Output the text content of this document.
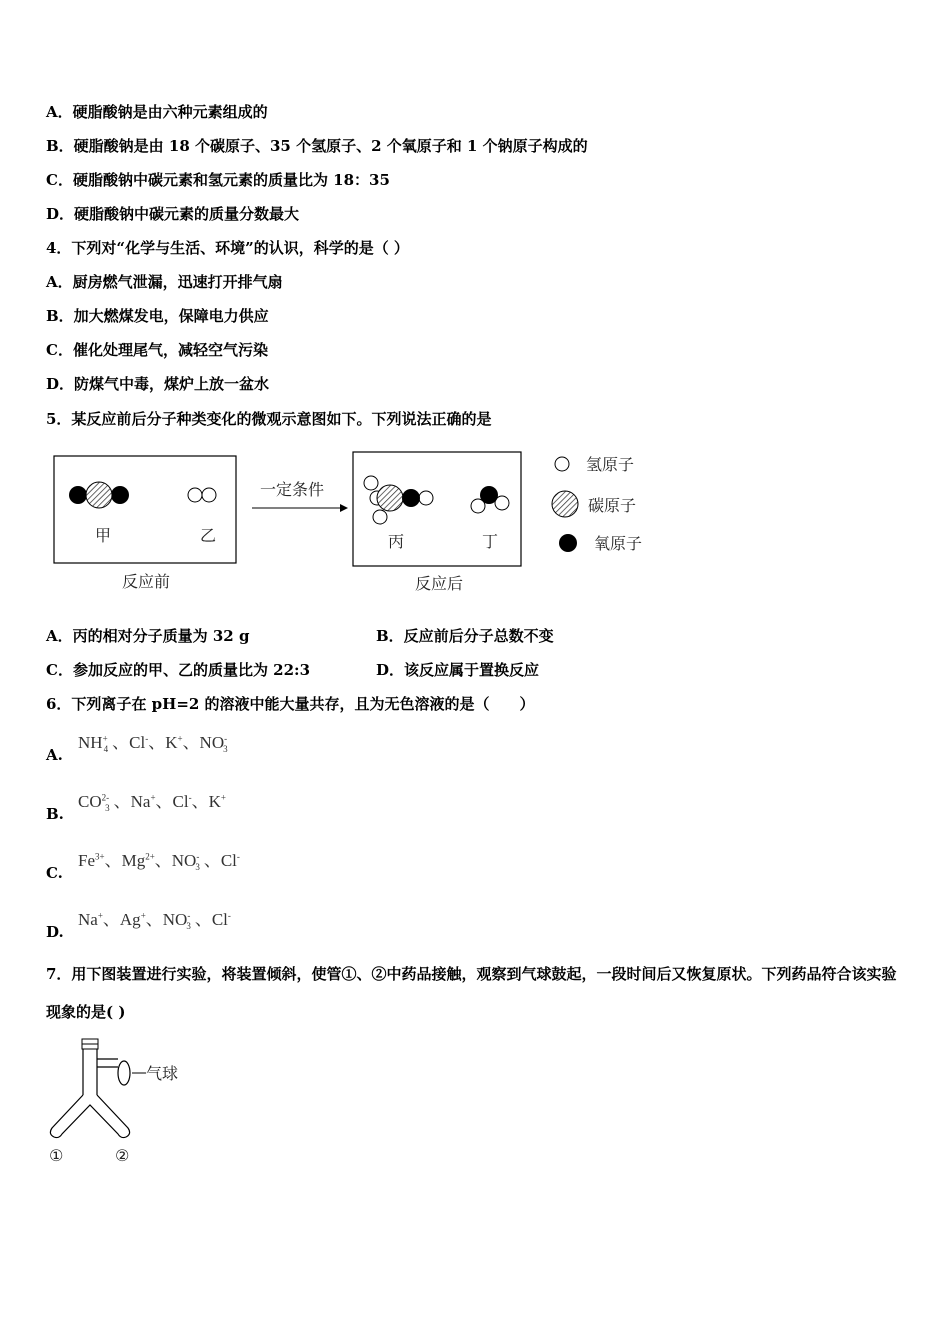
A．硬脂酸钠是由六种元素组成的
B．硬脂酸钠是由 18 个碳原子、35 个氢原子、2 个氧原子和 1 个钠原子构成的
C．硬脂酸钠中碳元素和氢元素的质量比为 18：35
D．硬脂酸钠中碳元素的质量分数最大
4．下列对“化学与生活、环境”的认识，科学的是（ ）
A．厨房燃气泄漏，迅速打开排气扇
B．加大燃煤发电，保障电力供应
C．催化处理尾气，减轻空气污染
D．防煤气中毒，煤炉上放一盆水
5．某反应前后分子种类变化的微观示意图如下。下列说法正确的是
甲	乙
反应前
一定条件
丙	丁
反应后
氢原子
碳原子
氧原子
A．丙的相对分子质量为 32 g	B．反应前后分子总数不变
C．参加反应的甲、乙的质量比为 22:3	D．该反应属于置换反应
6．下列离子在 pH=2 的溶液中能大量共存，且为无色溶液的是（　　）
$A.NH^+_4$ 、Cl-、K+、$NO^-_3$
$B.CO^{2-}_3$ 、Na+、Cl-、K+
$C.Fe^{3+}$、$Mg^{2+}$、$NO^-_3$ 、Cl-
D.Na+、Ag+、$NO^-_3$ 、Cl-
7．用下图装置进行实验，将装置倾斜，使管①、②中药品接触，观察到气球鼓起，一段时间后又恢复原状。下列药品符合该实验现象的是( )
气球
①	②
